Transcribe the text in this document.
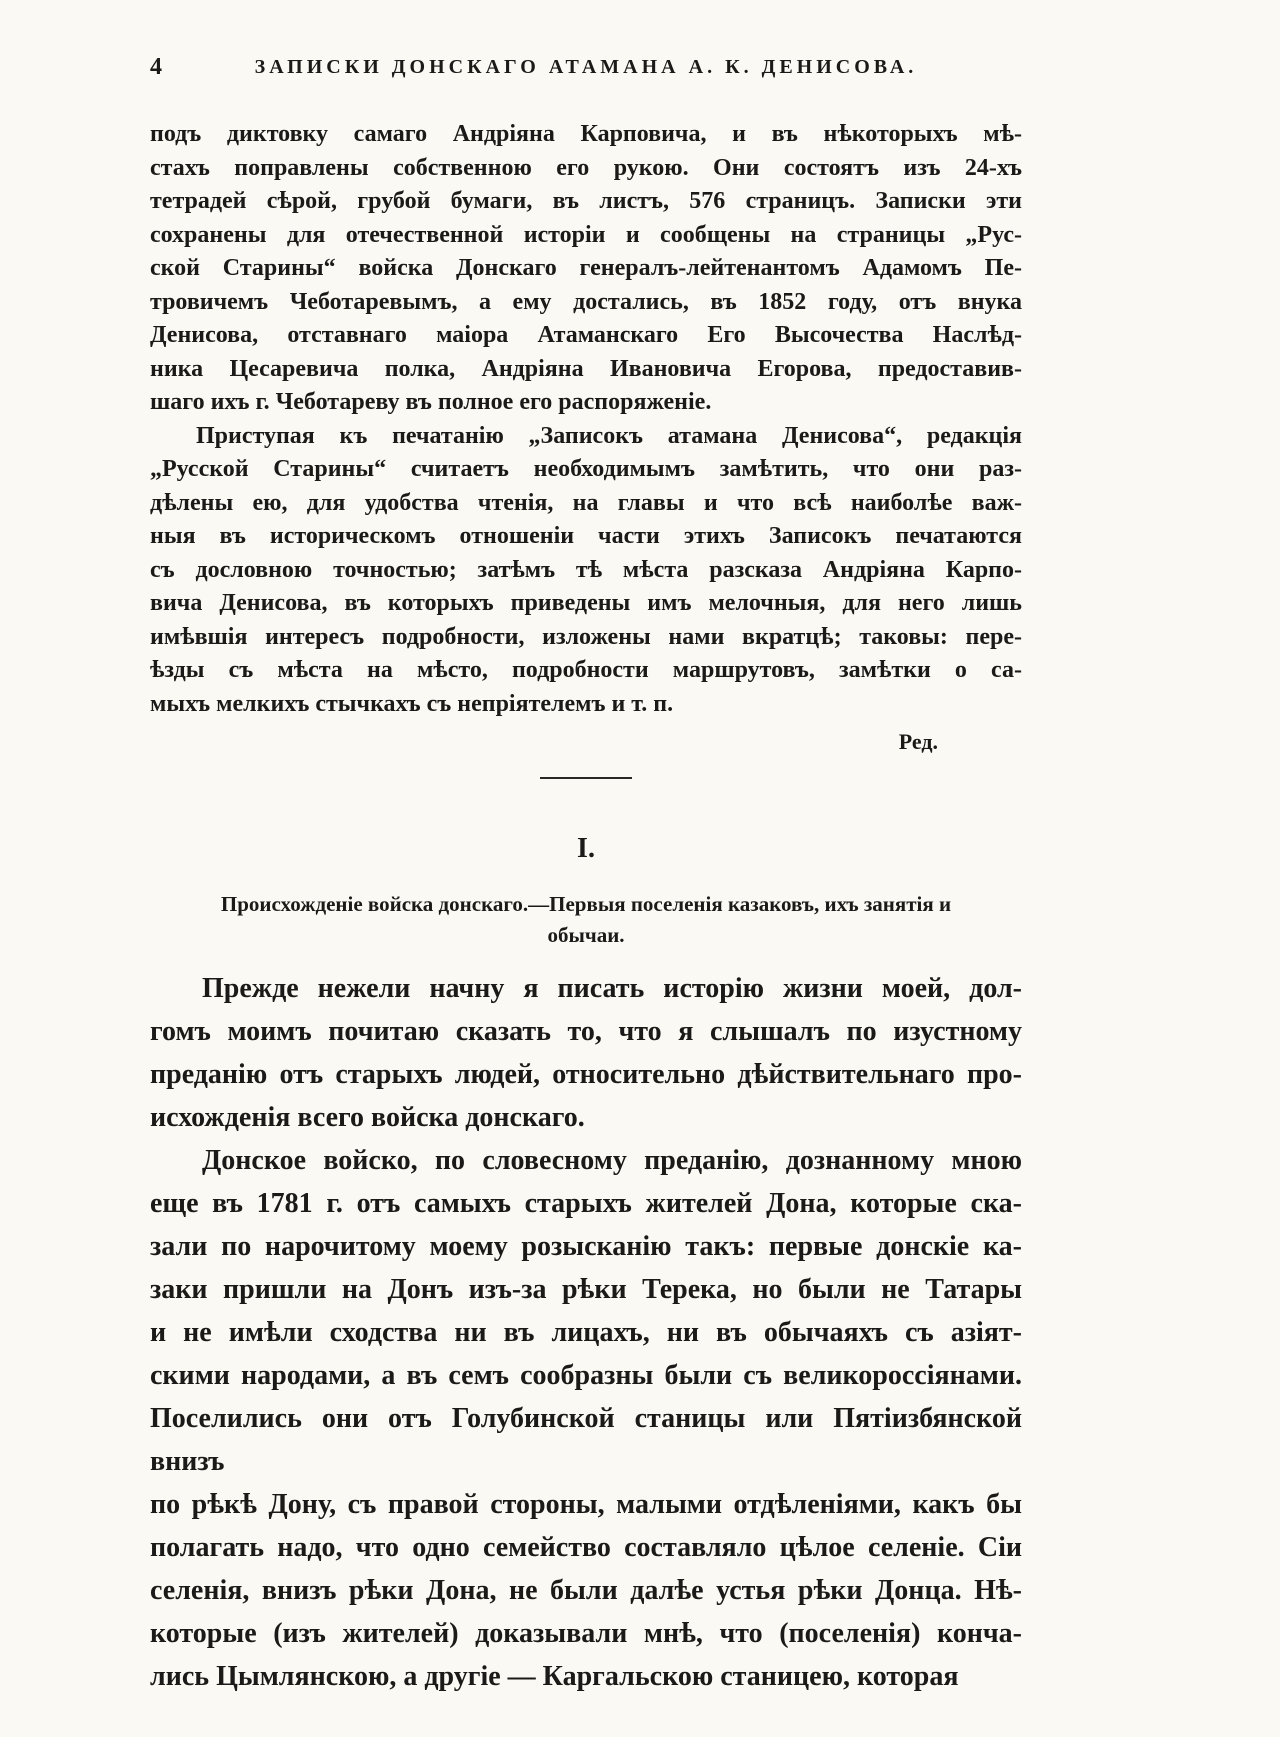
4	ЗАПИСКИ ДОНСКАГО АТАМАНА А. К. ДЕНИСОВА.
подъ диктовку самаго Андріяна Карповича, и въ нѣкоторыхъ мѣ-
стахъ поправлены собственною его рукою. Они состоятъ изъ 24-хъ
тетрадей сѣрой, грубой бумаги, въ листъ, 576 страницъ. Записки эти
сохранены для отечественной исторіи и сообщены на страницы „Рус-
ской Старины“ войска Донскаго генералъ-лейтенантомъ Адамомъ Пе-
тровичемъ Чеботаревымъ, а ему достались, въ 1852 году, отъ внука
Денисова, отставнаго маіора Атаманскаго Его Высочества Наслѣд-
ника Цесаревича полка, Андріяна Ивановича Егорова, предоставив-
шаго ихъ г. Чеботареву въ полное его распоряженіе.
Приступая къ печатанію „Записокъ атамана Денисова“, редакція
„Русской Старины“ считаетъ необходимымъ замѣтить, что они раз-
дѣлены ею, для удобства чтенія, на главы и что всѣ наиболѣе важ-
ныя въ историческомъ отношеніи части этихъ Записокъ печатаются
съ дословною точностью; затѣмъ тѣ мѣста разсказа Андріяна Карпо-
вича Денисова, въ которыхъ приведены имъ мелочныя, для него лишь
имѣвшія интересъ подробности, изложены нами вкратцѣ; таковы: пере-
ѣзды съ мѣста на мѣсто, подробности маршрутовъ, замѣтки о са-
мыхъ мелкихъ стычкахъ съ непріятелемъ и т. п.
Ред.
I.
Происхожденіе войска донскаго.—Первыя поселенія казаковъ, ихъ занятія и
обычаи.
Прежде нежели начну я писать исторію жизни моей, дол-
гомъ моимъ почитаю сказать то, что я слышалъ по изустному
преданію отъ старыхъ людей, относительно дѣйствительнаго про-
исхожденія всего войска донскаго.
Донское войско, по словесному преданію, дознанному мною
еще въ 1781 г. отъ самыхъ старыхъ жителей Дона, которые ска-
зали по нарочитому моему розысканію такъ: первые донскіе ка-
заки пришли на Донъ изъ-за рѣки Терека, но были не Татары
и не имѣли сходства ни въ лицахъ, ни въ обычаяхъ съ азіят-
скими народами, а въ семъ сообразны были съ великороссіянами.
Поселились они отъ Голубинской станицы или Пятіизбянской внизъ
по рѣкѣ Дону, съ правой стороны, малыми отдѣленіями, какъ бы
полагать надо, что одно семейство составляло цѣлое селеніе. Сіи
селенія, внизъ рѣки Дона, не были далѣе устья рѣки Донца. Нѣ-
которые (изъ жителей) доказывали мнѣ, что (поселенія) конча-
лись Цымлянскою, а другіе — Каргальскою станицею, которая
